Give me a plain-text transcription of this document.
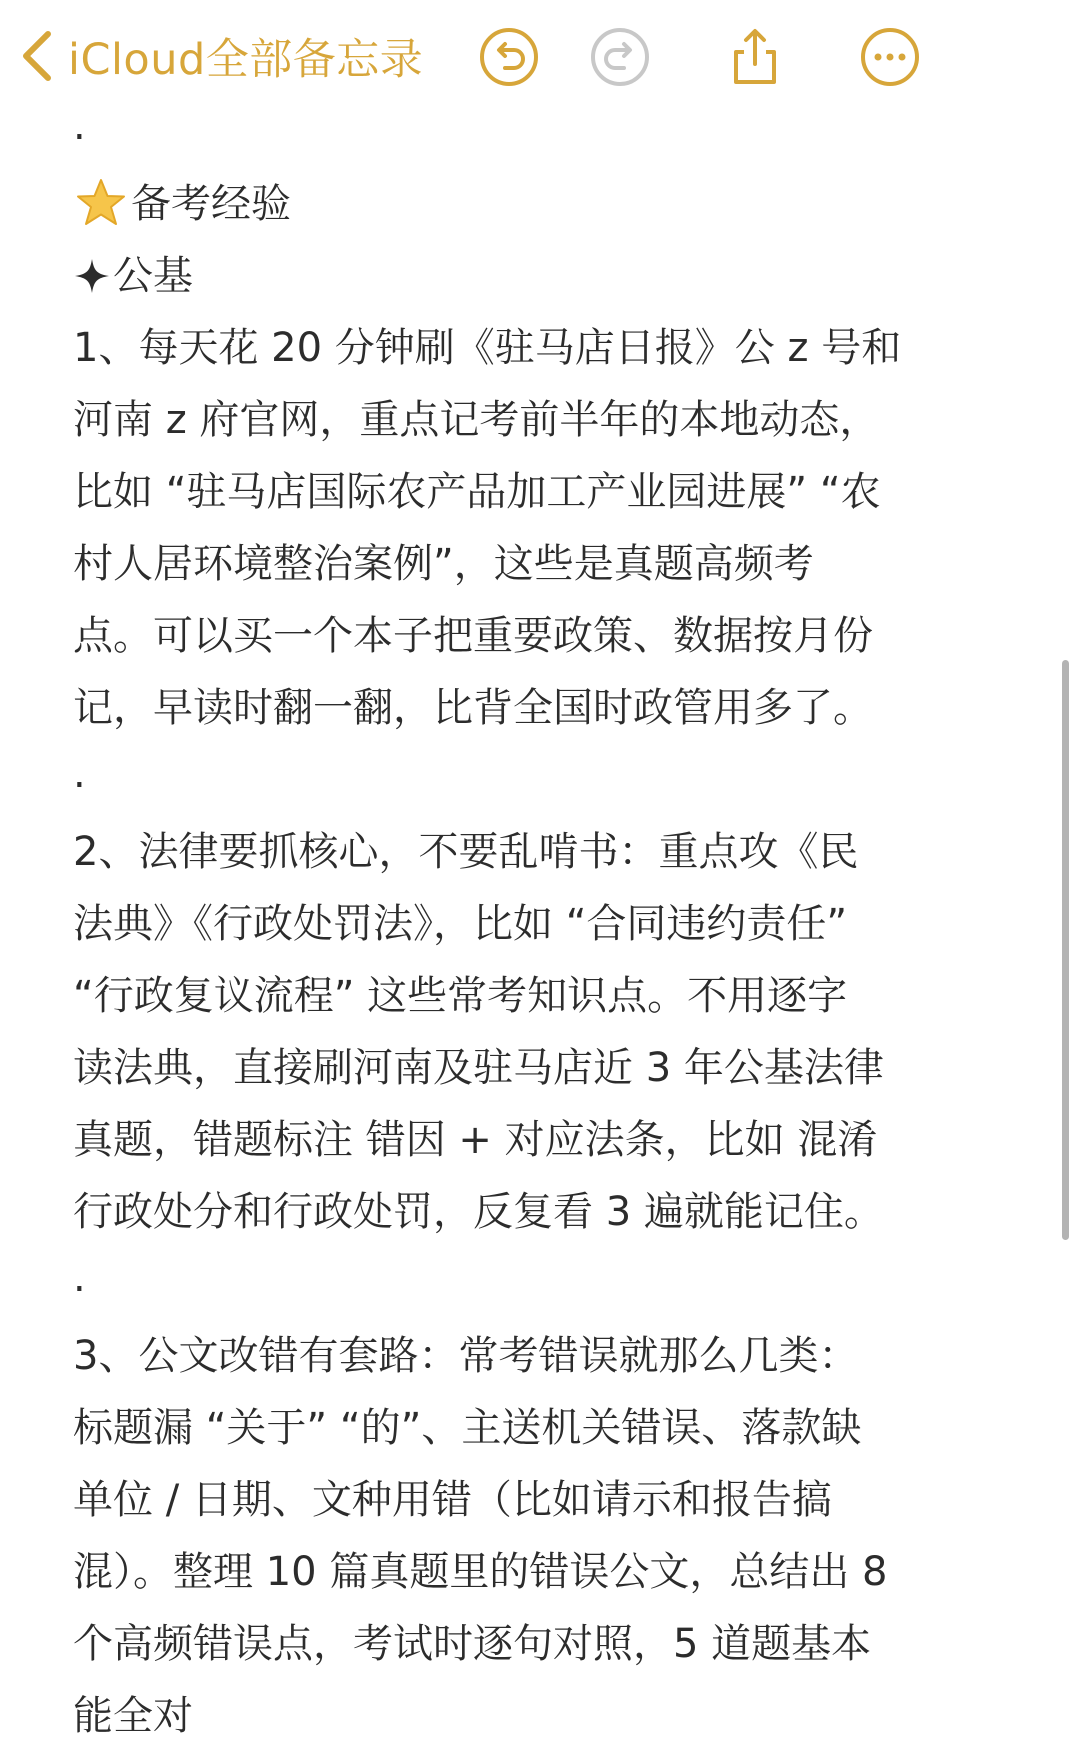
iCloud全部备忘录
.
备考经验
公基
1、每天花 20 分钟刷《驻马店日报》公 z 号和
河南 z 府官网，重点记考前半年的本地动态，
比如 “驻马店国际农产品加工产业园进展” “农
村人居环境整治案例”，这些是真题高频考
点。可以买一个本子把重要政策、数据按月份
记，早读时翻一翻，比背全国时政管用多了。
.
2、法律要抓核心，不要乱啃书：重点攻《民
法典》《行政处罚法》，比如 “合同违约责任”
“行政复议流程” 这些常考知识点。不用逐字
读法典，直接刷河南及驻马店近 3 年公基法律
真题，错题标注 错因 + 对应法条，比如 混淆
行政处分和行政处罚，反复看 3 遍就能记住。
.
3、公文改错有套路：常考错误就那么几类：
标题漏 “关于” “的”、主送机关错误、落款缺
单位 / 日期、文种用错（比如请示和报告搞
混）。整理 10 篇真题里的错误公文，总结出 8
个高频错误点，考试时逐句对照，5 道题基本
能全对
